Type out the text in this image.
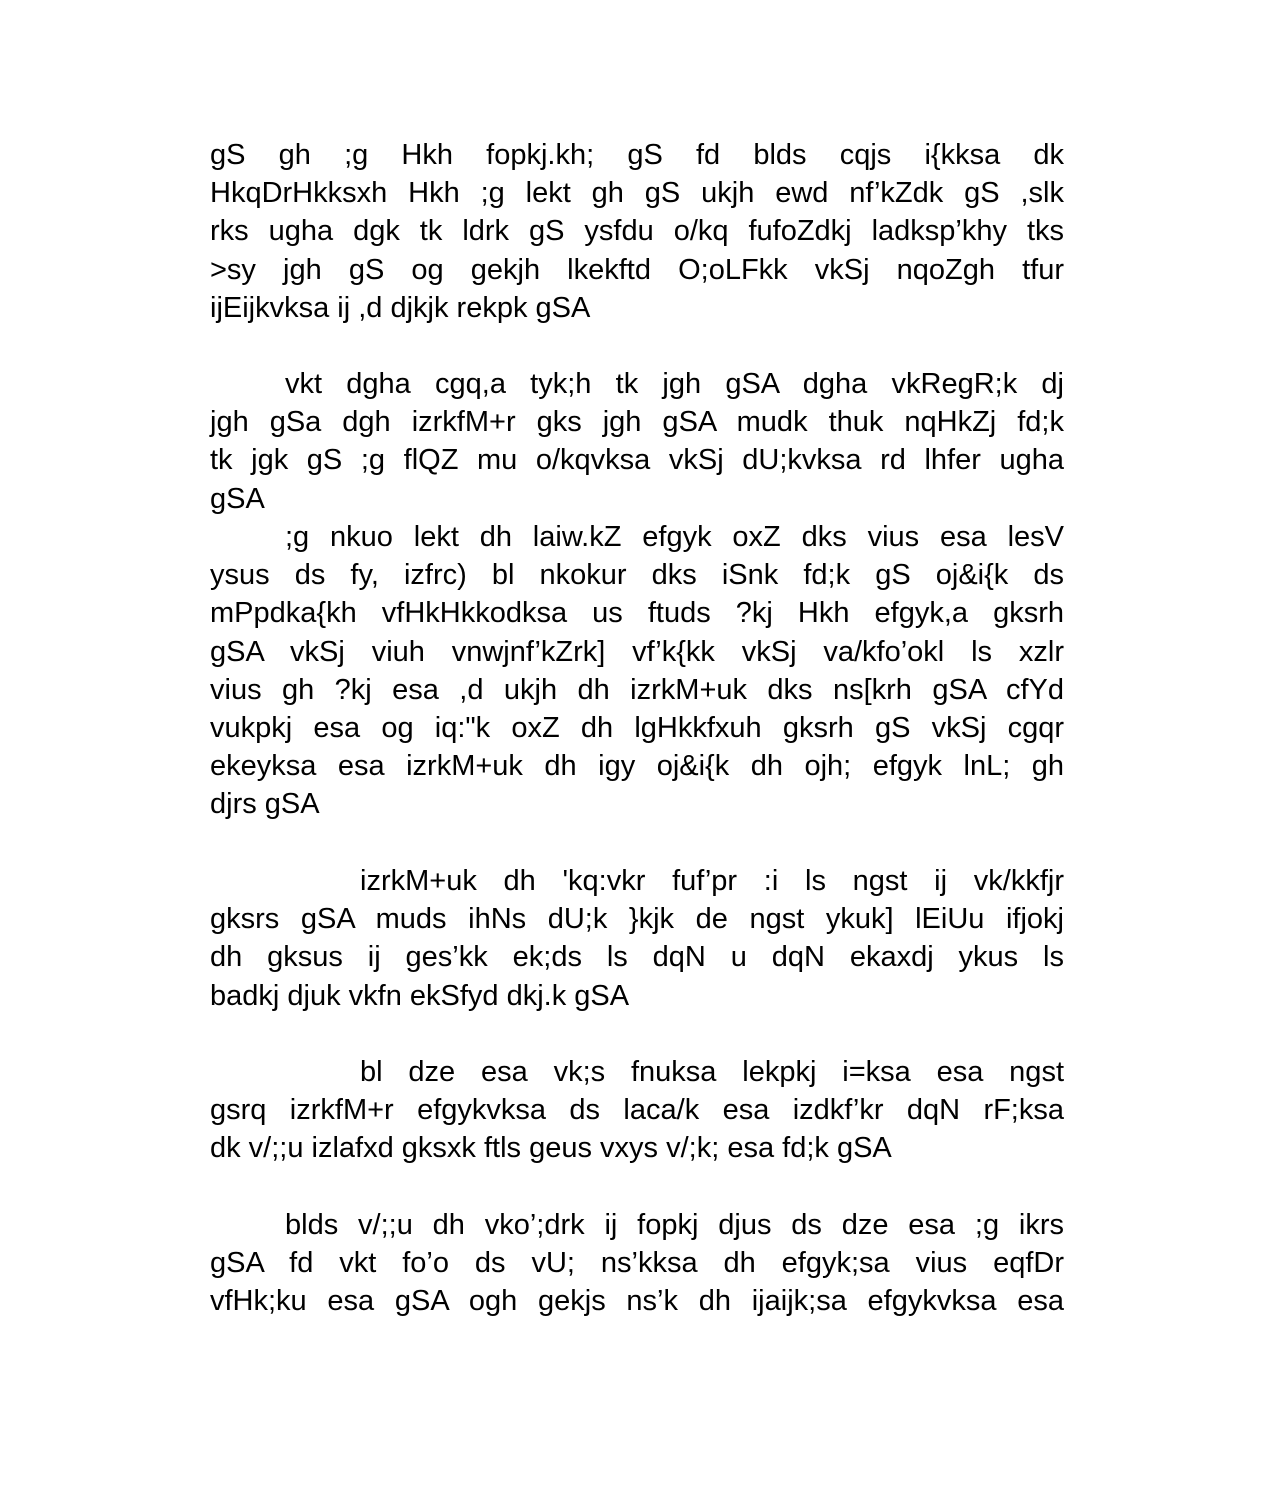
gS gh ;g Hkh fopkj.kh; gS fd blds cqjs i{kksa dk
HkqDrHkksxh Hkh ;g lekt gh gS ukjh ewd nf’kZdk gS ,slk
rks ugha dgk tk ldrk gS ysfdu o/kq fufoZdkj ladksp’khy tks
>sy jgh gS og gekjh lkekftd O;oLFkk vkSj nqoZgh tfur
ijEijkvksa ij ,d djkjk rekpk gSA
vkt dgha cgq,a tyk;h tk jgh gSA dgha vkRegR;k dj
jgh gSa dgh izrkfM+r gks jgh gSA mudk thuk nqHkZj fd;k
tk jgk gS ;g flQZ mu o/kqvksa vkSj dU;kvksa rd lhfer ugha
gSA
;g nkuo lekt dh laiw.kZ efgyk oxZ dks vius esa lesV
ysus ds fy, izfrc) bl nkokur dks iSnk fd;k gS oj&i{k ds
mPpdka{kh vfHkHkkodksa us ftuds ?kj Hkh efgyk,a gksrh
gSA vkSj viuh vnwjnf’kZrk] vf’k{kk vkSj va/kfo’okl ls xzlr
vius gh ?kj esa ,d ukjh dh izrkM+uk dks ns[krh gSA cfYd
vukpkj esa og iq:"k oxZ dh lgHkkfxuh gksrh gS vkSj cgqr
ekeyksa esa izrkM+uk dh igy oj&i{k dh ojh; efgyk lnL; gh
djrs gSA
izrkM+uk dh 'kq:vkr fuf’pr :i ls ngst ij vk/kkfjr
gksrs gSA muds ihNs dU;k }kjk de ngst ykuk] lEiUu ifjokj
dh gksus ij ges’kk ek;ds ls dqN u dqN ekaxdj ykus ls
badkj djuk vkfn ekSfyd dkj.k gSA
bl dze esa vk;s fnuksa lekpkj i=ksa esa ngst
gsrq izrkfM+r efgykvksa ds laca/k esa izdkf’kr dqN rF;ksa
dk v/;;u izlafxd gksxk ftls geus vxys v/;k; esa fd;k gSA
blds v/;;u dh vko’;drk ij fopkj djus ds dze esa ;g ikrs
gSA fd vkt fo’o ds vU; ns’kksa dh efgyk;sa vius eqfDr
vfHk;ku esa gSA ogh gekjs ns’k dh ijaijk;sa efgykvksa esa
